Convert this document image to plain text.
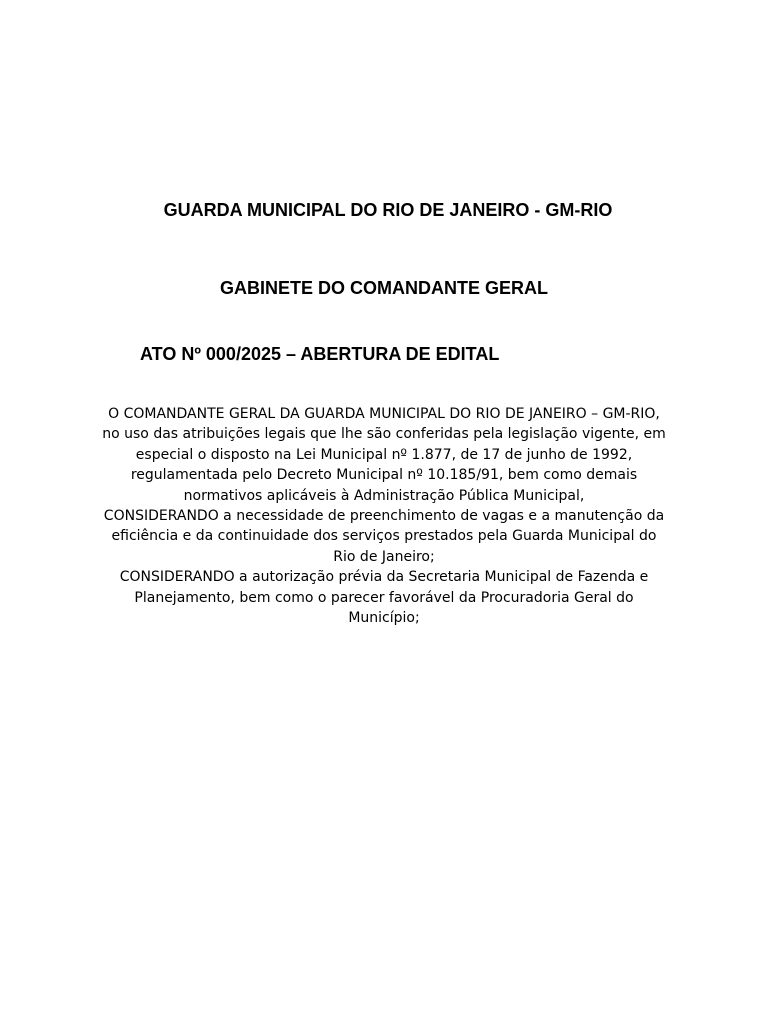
GUARDA MUNICIPAL DO RIO DE JANEIRO - GM-RIO
GABINETE DO COMANDANTE GERAL
ATO Nº 000/2025 – ABERTURA DE EDITAL
O COMANDANTE GERAL DA GUARDA MUNICIPAL DO RIO DE JANEIRO – GM-RIO,
no uso das atribuições legais que lhe são conferidas pela legislação vigente, em
especial o disposto na Lei Municipal nº 1.877, de 17 de junho de 1992,
regulamentada pelo Decreto Municipal nº 10.185/91, bem como demais
normativos aplicáveis à Administração Pública Municipal,
CONSIDERANDO a necessidade de preenchimento de vagas e a manutenção da
eficiência e da continuidade dos serviços prestados pela Guarda Municipal do
Rio de Janeiro;
CONSIDERANDO a autorização prévia da Secretaria Municipal de Fazenda e
Planejamento, bem como o parecer favorável da Procuradoria Geral do
Município;
